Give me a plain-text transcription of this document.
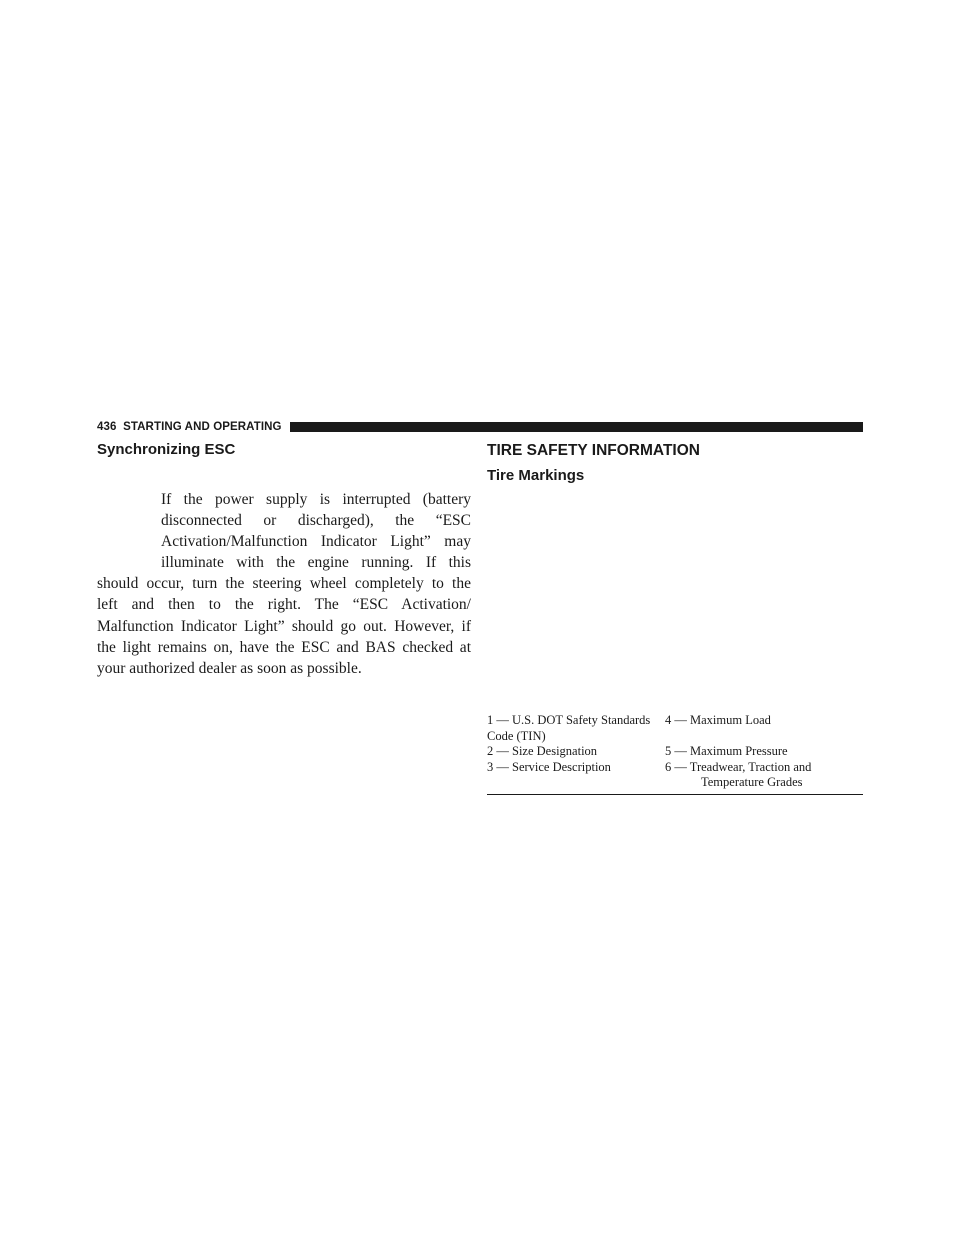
436 STARTING AND OPERATING
Synchronizing ESC
If the power supply is interrupted (battery
disconnected or discharged), the “ESC
Activation/Malfunction Indicator Light” may
illuminate with the engine running. If this
should occur, turn the steering wheel completely to the
left and then to the right. The “ESC Activation/
Malfunction Indicator Light” should go out. However, if
the light remains on, have the ESC and BAS checked at
your authorized dealer as soon as possible.
TIRE SAFETY INFORMATION
Tire Markings
1 — U.S. DOT Safety Standards
Code (TIN)
4 — Maximum Load
2 — Size Designation	5 — Maximum Pressure
3 — Service Description	6 — Treadwear, Traction and
Temperature Grades
